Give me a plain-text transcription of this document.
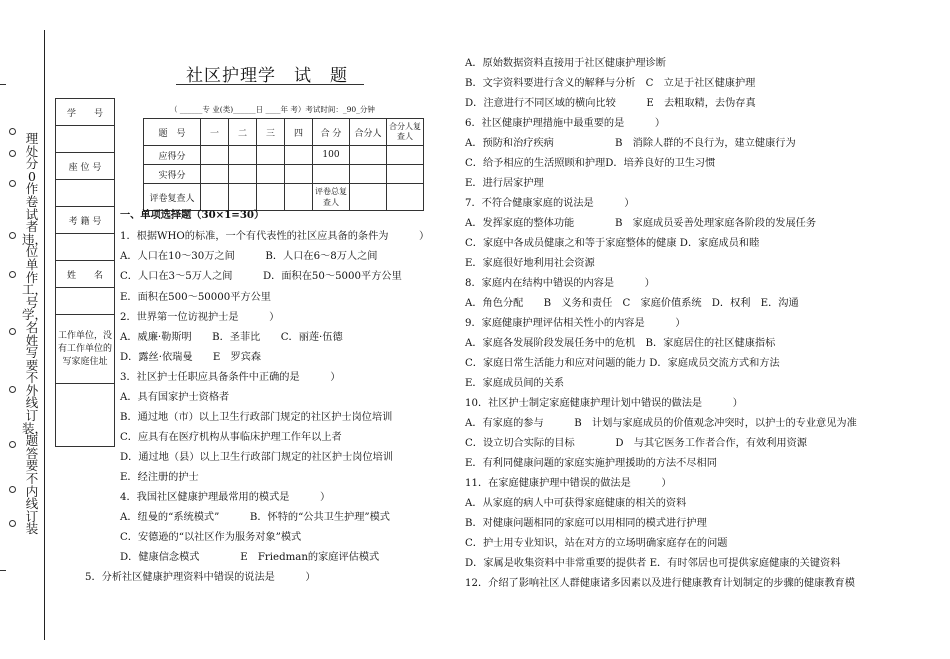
理处分0作卷试者违，位单作工，号学，名姓写要不外线订装，题答要不内线订装
学　　号

座 位 号

考 籍 号

姓　　名

工作单位，没
有工作单位的
写家庭住址

社区护理学　试　题
（ ______专 业(类)______日 ____年 考）考试时间：_90_分钟
题　号	一	二	三	四	合 分	合分人	合分人复查人
应得分					100		
实得分							
评卷复查人					评卷总复查人		
一、单项选择题（30×1=30）
1．根据WHO的标准，一个有代表性的社区应具备的条件为　　　）
A．人口在10～30万之间　　　B．人口在6～8万人之间
C．人口在3～5万人之间　　　D．面积在50～5000平方公里
E．面积在500～50000平方公里
2．世界第一位访视护士是　　　）
A．威廉·勒斯明　　B．圣菲比　　C．丽莲·伍德
D．露丝·依瑞曼　　E　罗宾森
3．社区护士任职应具备条件中正确的是　　　）
A．具有国家护士资格者
B．通过地（市）以上卫生行政部门规定的社区护士岗位培训
C．应具有在医疗机构从事临床护理工作年以上者
D．通过地（县）以上卫生行政部门规定的社区护士岗位培训
E．经注册的护士
4．我国社区健康护理最常用的模式是　　　）
A．纽曼的“系统模式”　　　B．怀特的“公共卫生护理”模式
C．安德逊的“以社区作为服务对象”模式
D．健康信念模式　　　　E　Friedman的家庭评估模式
5．分析社区健康护理资料中错误的说法是　　　）
A．原始数据资料直接用于社区健康护理诊断
B．文字资料要进行含义的解释与分析　C　立足于社区健康护理
D．注意进行不同区域的横向比较　　　E　去粗取精，去伪存真
6．社区健康护理措施中最重要的是　　　）
A．预防和治疗疾病　　　　　　B　消除人群的不良行为，建立健康行为
C．给予相应的生活照顾和护理D．培养良好的卫生习惯
E．进行居家护理
7．不符合健康家庭的说法是　　　）
A．发挥家庭的整体功能　　　　B　家庭成员妥善处理家庭各阶段的发展任务
C．家庭中各成员健康之和等于家庭整体的健康 D．家庭成员和睦
E．家庭很好地利用社会资源
8．家庭内在结构中错误的内容是　　　）
A．角色分配　　B　义务和责任　C　家庭价值系统　D．权利　E．沟通
9．家庭健康护理评估相关性小的内容是　　　）
A．家庭各发展阶段发展任务中的危机　B．家庭居住的社区健康指标
C．家庭日常生活能力和应对问题的能力 D．家庭成员交流方式和方法
E．家庭成员间的关系
10．社区护士制定家庭健康护理计划中错误的做法是　　　）
A．有家庭的参与　　　B　计划与家庭成员的价值观念冲突时，以护士的专业意见为准
C．设立切合实际的目标　　　　D　与其它医务工作者合作，有效利用资源
E．有利同健康问题的家庭实施护理援助的方法不尽相同
11．在家庭健康护理中错误的做法是　　　）
A．从家庭的病人中可获得家庭健康的相关的资料
B．对健康问题相同的家庭可以用相同的模式进行护理
C．护士用专业知识，站在对方的立场明确家庭存在的问题
D．家属是收集资料中非常重要的提供者 E．有时邻居也可提供家庭健康的关键资料
12．介绍了影响社区人群健康诸多因素以及进行健康教育计划制定的步骤的健康教育模
